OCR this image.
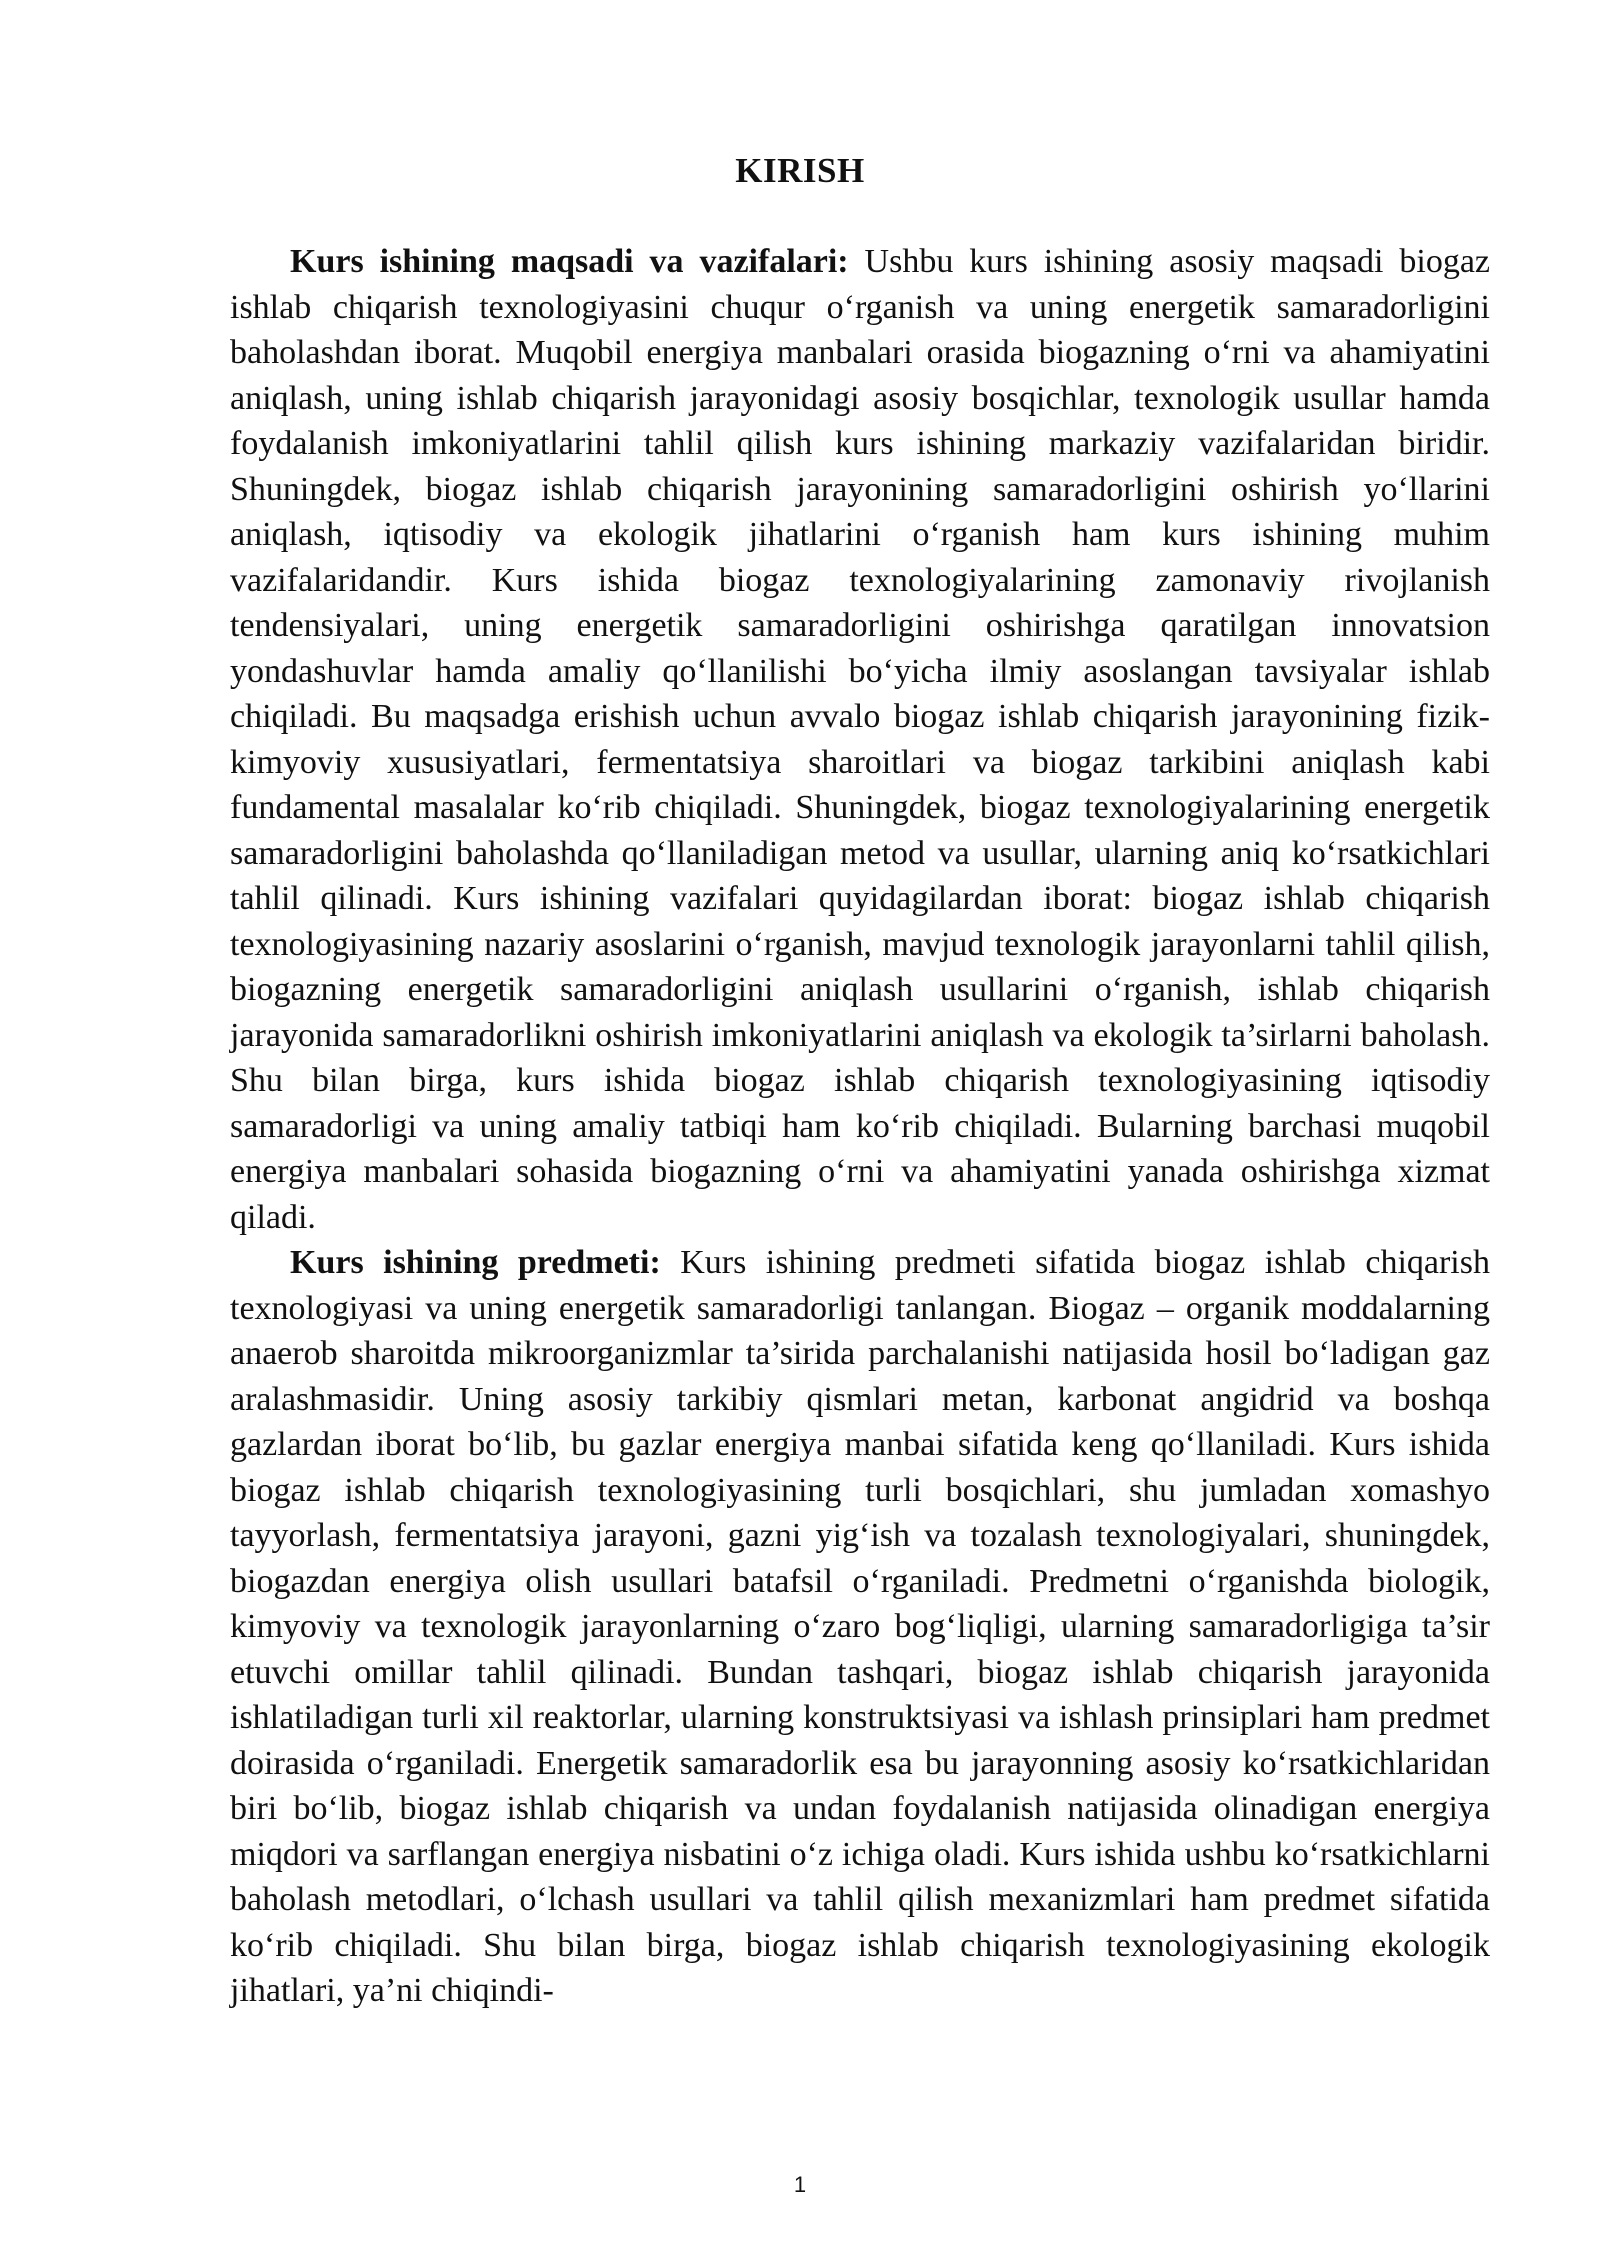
KIRISH

Kurs ishining maqsadi va vazifalari: Ushbu kurs ishining asosiy maqsadi biogaz ishlab chiqarish texnologiyasini chuqur o‘rganish va uning energetik samaradorligini baholashdan iborat. Muqobil energiya manbalari orasida biogazning o‘rni va ahamiyatini aniqlash, uning ishlab chiqarish jarayonidagi asosiy bosqichlar, texnologik usullar hamda foydalanish imkoniyatlarini tahlil qilish kurs ishining markaziy vazifalaridan biridir. Shuningdek, biogaz ishlab chiqarish jarayonining samaradorligini oshirish yo‘llarini aniqlash, iqtisodiy va ekologik jihatlarini o‘rganish ham kurs ishining muhim vazifalaridandir. Kurs ishida biogaz texnologiyalarining zamonaviy rivojlanish tendensiyalari, uning energetik samaradorligini oshirishga qaratilgan innovatsion yondashuvlar hamda amaliy qo‘llanilishi bo‘yicha ilmiy asoslangan tavsiyalar ishlab chiqiladi. Bu maqsadga erishish uchun avvalo biogaz ishlab chiqarish jarayonining fizik-kimyoviy xususiyatlari, fermentatsiya sharoitlari va biogaz tarkibini aniqlash kabi fundamental masalalar ko‘rib chiqiladi. Shuningdek, biogaz texnologiyalarining energetik samaradorligini baholashda qo‘llaniladigan metod va usullar, ularning aniq ko‘rsatkichlari tahlil qilinadi. Kurs ishining vazifalari quyidagilardan iborat: biogaz ishlab chiqarish texnologiyasining nazariy asoslarini o‘rganish, mavjud texnologik jarayonlarni tahlil qilish, biogazning energetik samaradorligini aniqlash usullarini o‘rganish, ishlab chiqarish jarayonida samaradorlikni oshirish imkoniyatlarini aniqlash va ekologik ta’sirlarni baholash. Shu bilan birga, kurs ishida biogaz ishlab chiqarish texnologiyasining iqtisodiy samaradorligi va uning amaliy tatbiqi ham ko‘rib chiqiladi. Bularning barchasi muqobil energiya manbalari sohasida biogazning o‘rni va ahamiyatini yanada oshirishga xizmat qiladi.

Kurs ishining predmeti: Kurs ishining predmeti sifatida biogaz ishlab chiqarish texnologiyasi va uning energetik samaradorligi tanlangan. Biogaz – organik moddalarning anaerob sharoitda mikroorganizmlar ta’sirida parchalanishi natijasida hosil bo‘ladigan gaz aralashmasidir. Uning asosiy tarkibiy qismlari metan, karbonat angidrid va boshqa gazlardan iborat bo‘lib, bu gazlar energiya manbai sifatida keng qo‘llaniladi. Kurs ishida biogaz ishlab chiqarish texnologiyasining turli bosqichlari, shu jumladan xomashyo tayyorlash, fermentatsiya jarayoni, gazni yig‘ish va tozalash texnologiyalari, shuningdek, biogazdan energiya olish usullari batafsil o‘rganiladi. Predmetni o‘rganishda biologik, kimyoviy va texnologik jarayonlarning o‘zaro bog‘liqligi, ularning samaradorligiga ta’sir etuvchi omillar tahlil qilinadi. Bundan tashqari, biogaz ishlab chiqarish jarayonida ishlatiladigan turli xil reaktorlar, ularning konstruktsiyasi va ishlash prinsiplari ham predmet doirasida o‘rganiladi. Energetik samaradorlik esa bu jarayonning asosiy ko‘rsatkichlaridan biri bo‘lib, biogaz ishlab chiqarish va undan foydalanish natijasida olinadigan energiya miqdori va sarflangan energiya nisbatini o‘z ichiga oladi. Kurs ishida ushbu ko‘rsatkichlarni baholash metodlari, o‘lchash usullari va tahlil qilish mexanizmlari ham predmet sifatida ko‘rib chiqiladi. Shu bilan birga, biogaz ishlab chiqarish texnologiyasining ekologik jihatlari, ya’ni chiqindi-

1
